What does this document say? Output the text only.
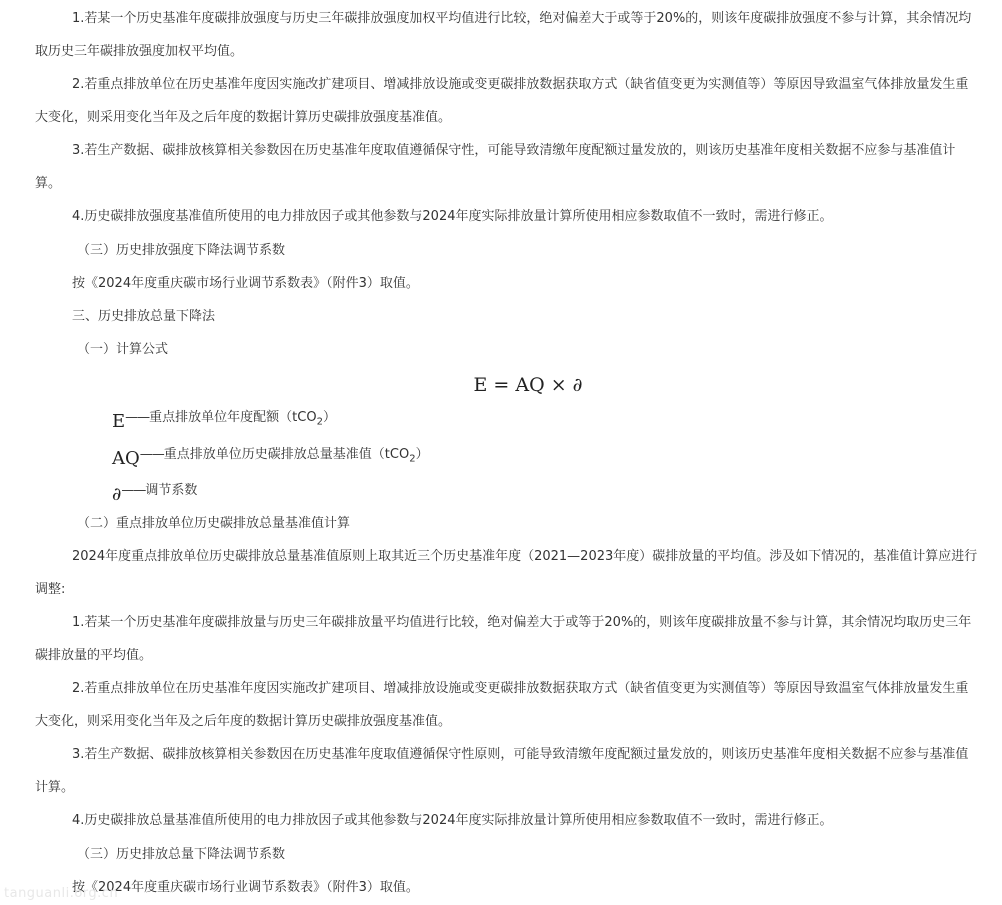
1.若某一个历史基准年度碳排放强度与历史三年碳排放强度加权平均值进行比较，绝对偏差大于或等于20%的，则该年度碳排放强度不参与计算，其余情况均取历史三年碳排放强度加权平均值。

2.若重点排放单位在历史基准年度因实施改扩建项目、增减排放设施或变更碳排放数据获取方式（缺省值变更为实测值等）等原因导致温室气体排放量发生重大变化，则采用变化当年及之后年度的数据计算历史碳排放强度基准值。

3.若生产数据、碳排放核算相关参数因在历史基准年度取值遵循保守性，可能导致清缴年度配额过量发放的，则该历史基准年度相关数据不应参与基准值计算。

4.历史碳排放强度基准值所使用的电力排放因子或其他参数与2024年度实际排放量计算所使用相应参数取值不一致时，需进行修正。

（三）历史排放强度下降法调节系数
按《2024年度重庆碳市场行业调节系数表》（附件3）取值。
三、历史排放总量下降法
（一）计算公式
E = AQ × ∂
E——重点排放单位年度配额（tCO$_2$）
AQ——重点排放单位历史碳排放总量基准值（tCO$_2$）
∂——调节系数
（二）重点排放单位历史碳排放总量基准值计算

2024年度重点排放单位历史碳排放总量基准值原则上取其近三个历史基准年度（2021—2023年度）碳排放量的平均值。涉及如下情况的，基准值计算应进行调整:

1.若某一个历史基准年度碳排放量与历史三年碳排放量平均值进行比较，绝对偏差大于或等于20%的，则该年度碳排放量不参与计算，其余情况均取历史三年碳排放量的平均值。

2.若重点排放单位在历史基准年度因实施改扩建项目、增减排放设施或变更碳排放数据获取方式（缺省值变更为实测值等）等原因导致温室气体排放量发生重大变化，则采用变化当年及之后年度的数据计算历史碳排放强度基准值。

3.若生产数据、碳排放核算相关参数因在历史基准年度取值遵循保守性原则，可能导致清缴年度配额过量发放的，则该历史基准年度相关数据不应参与基准值计算。

4.历史碳排放总量基准值所使用的电力排放因子或其他参数与2024年度实际排放量计算所使用相应参数取值不一致时，需进行修正。

（三）历史排放总量下降法调节系数
按《2024年度重庆碳市场行业调节系数表》（附件3）取值。
tanguanli.org.cn
